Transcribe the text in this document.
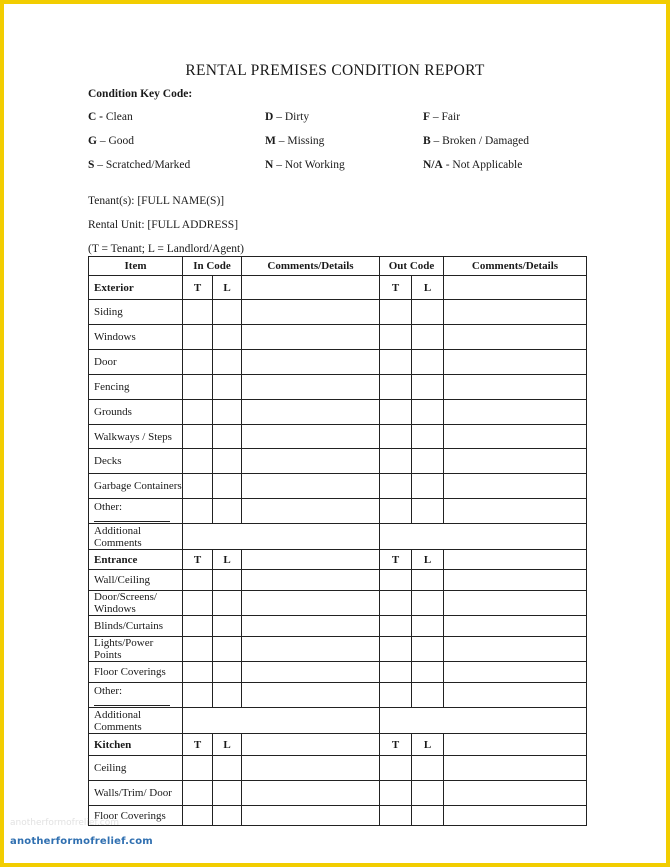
RENTAL PREMISES CONDITION REPORT
Condition Key Code:
C - Clean	D – Dirty	F – Fair
G – Good	M – Missing	B – Broken / Damaged
S – Scratched/Marked	N – Not Working	N/A - Not Applicable
Tenant(s): [FULL NAME(S)]
Rental Unit: [FULL ADDRESS]
(T = Tenant; L = Landlord/Agent)
Item	In Code		Comments/Details	Out Code		Comments/Details
Exterior	T	L		T	L	
Siding						
Windows						
Door						
Fencing						
Grounds						
Walkways / Steps						
Decks						
Garbage Containers						
Other:

Additional Comments						
Entrance	T	L		T	L	
Wall/Ceiling						
Door/Screens/ Windows						
Blinds/Curtains						
Lights/Power Points						
Floor Coverings						
Other:

Additional Comments						
Kitchen	T	L		T	L	
Ceiling						
Walls/Trim/ Door						
Floor Coverings						
anotherformofrelief.com
anotherformofrelief.com
